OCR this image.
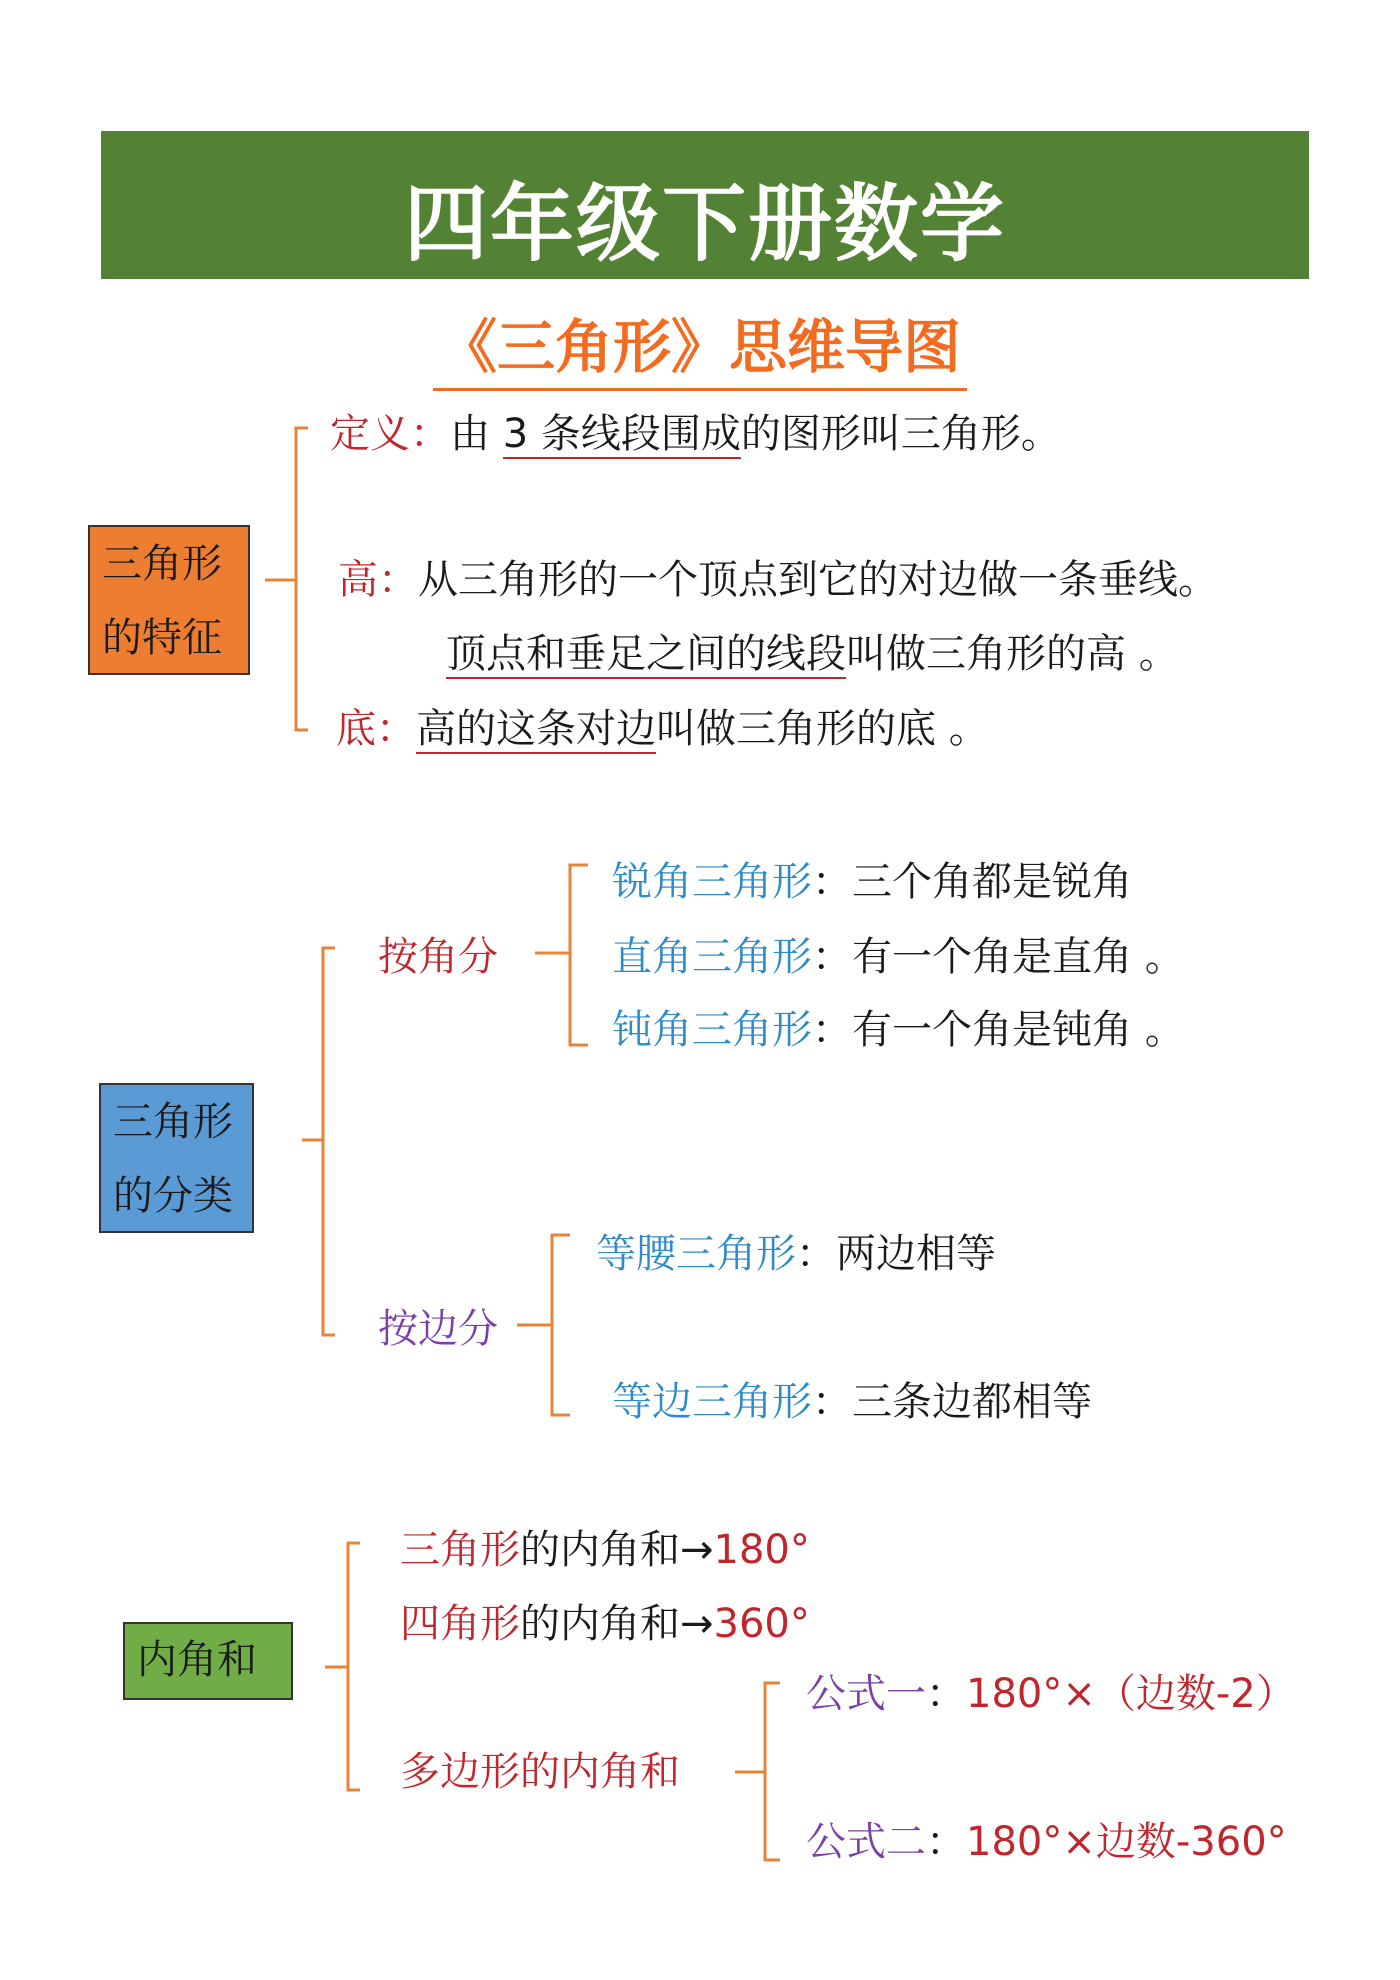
四年级下册数学
《三角形》思维导图
三角形
的特征
定义：由 3 条线段围成的图形叫三角形。
高：从三角形的一个顶点到它的对边做一条垂线。
顶点和垂足之间的线段叫做三角形的高 。
底：高的这条对边叫做三角形的底 。
三角形
的分类
按角分
锐角三角形：三个角都是锐角
直角三角形：有一个角是直角 。
钝角三角形：有一个角是钝角 。
按边分
等腰三角形：两边相等
等边三角形：三条边都相等
内角和
三角形的内角和→180°
四角形的内角和→360°
多边形的内角和
公式一：180°×（边数-2）
公式二：180°×边数-360°
